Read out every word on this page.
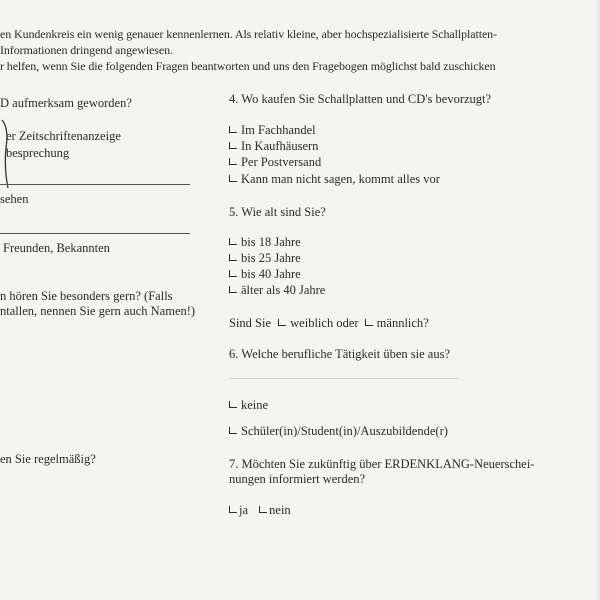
en Kundenkreis ein wenig genauer kennenlernen. Als relativ kleine, aber hochspezialisierte Schallplatten-
Informationen dringend angewiesen.
r helfen, wenn Sie die folgenden Fragen beantworten und uns den Fragebogen möglichst bald zuschicken
D aufmerksam geworden?
er Zeitschriftenanzeige
besprechung
sehen
Freunden, Bekannten
n hören Sie besonders gern? (Falls
ntallen, nennen Sie gern auch Namen!)
en Sie regelmäßig?
4. Wo kaufen Sie Schallplatten und CD's bevorzugt?
Im Fachhandel
In Kaufhäusern
Per Postversand
Kann man nicht sagen, kommt alles vor
5. Wie alt sind Sie?
bis 18 Jahre
bis 25 Jahre
bis 40 Jahre
älter als 40 Jahre
Sind Sie weiblich oder männlich?
6. Welche berufliche Tätigkeit üben sie aus?
keine
Schüler(in)/Student(in)/Auszubildende(r)
7. Möchten Sie zukünftig über ERDENKLANG-Neuerschei-
nungen informiert werden?
ja nein
